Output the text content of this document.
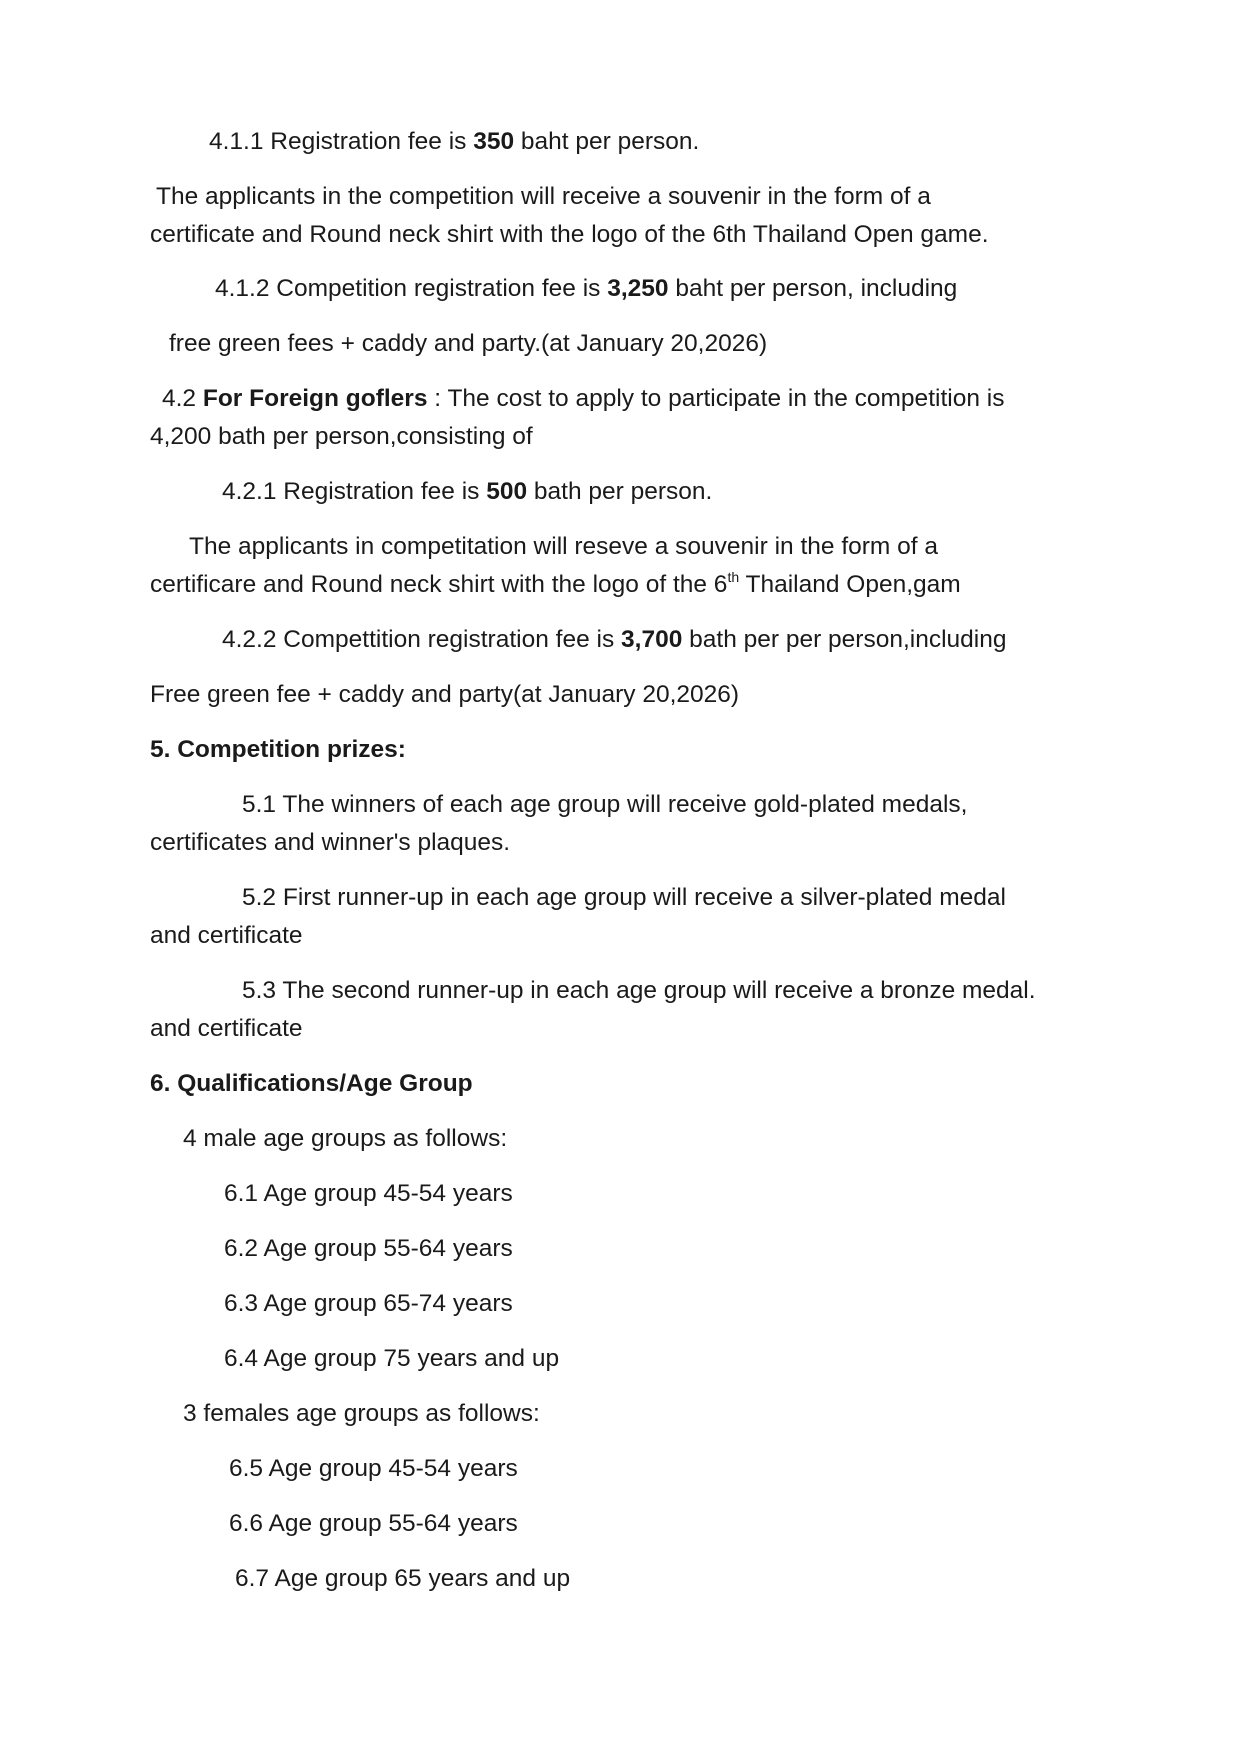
4.1.1 Registration fee is 350 baht per person.
The applicants in the competition will receive a souvenir in the form of a
certificate and Round neck shirt with the logo of the 6th Thailand Open game.
4.1.2 Competition registration fee is 3,250 baht per person, including
free green fees + caddy and party.(at January 20,2026)
4.2 For Foreign goflers : The cost to apply to participate in the competition is
4,200 bath per person,consisting of
4.2.1 Registration fee is 500 bath per person.
The applicants in competitation will reseve a souvenir in the form of a
certificare and Round neck shirt with the logo of the 6th Thailand Open,gam
4.2.2 Compettition registration fee is 3,700 bath per per person,including
Free green fee + caddy and party(at January 20,2026)
5. Competition prizes:
5.1 The winners of each age group will receive gold-plated medals,
certificates and winner's plaques.
5.2 First runner-up in each age group will receive a silver-plated medal
and certificate
5.3 The second runner-up in each age group will receive a bronze medal.
and certificate
6. Qualifications/Age Group
4 male age groups as follows:
6.1 Age group 45-54 years
6.2 Age group 55-64 years
6.3 Age group 65-74 years
6.4 Age group 75 years and up
3 females age groups as follows:
6.5 Age group 45-54 years
6.6 Age group 55-64 years
6.7 Age group 65 years and up
